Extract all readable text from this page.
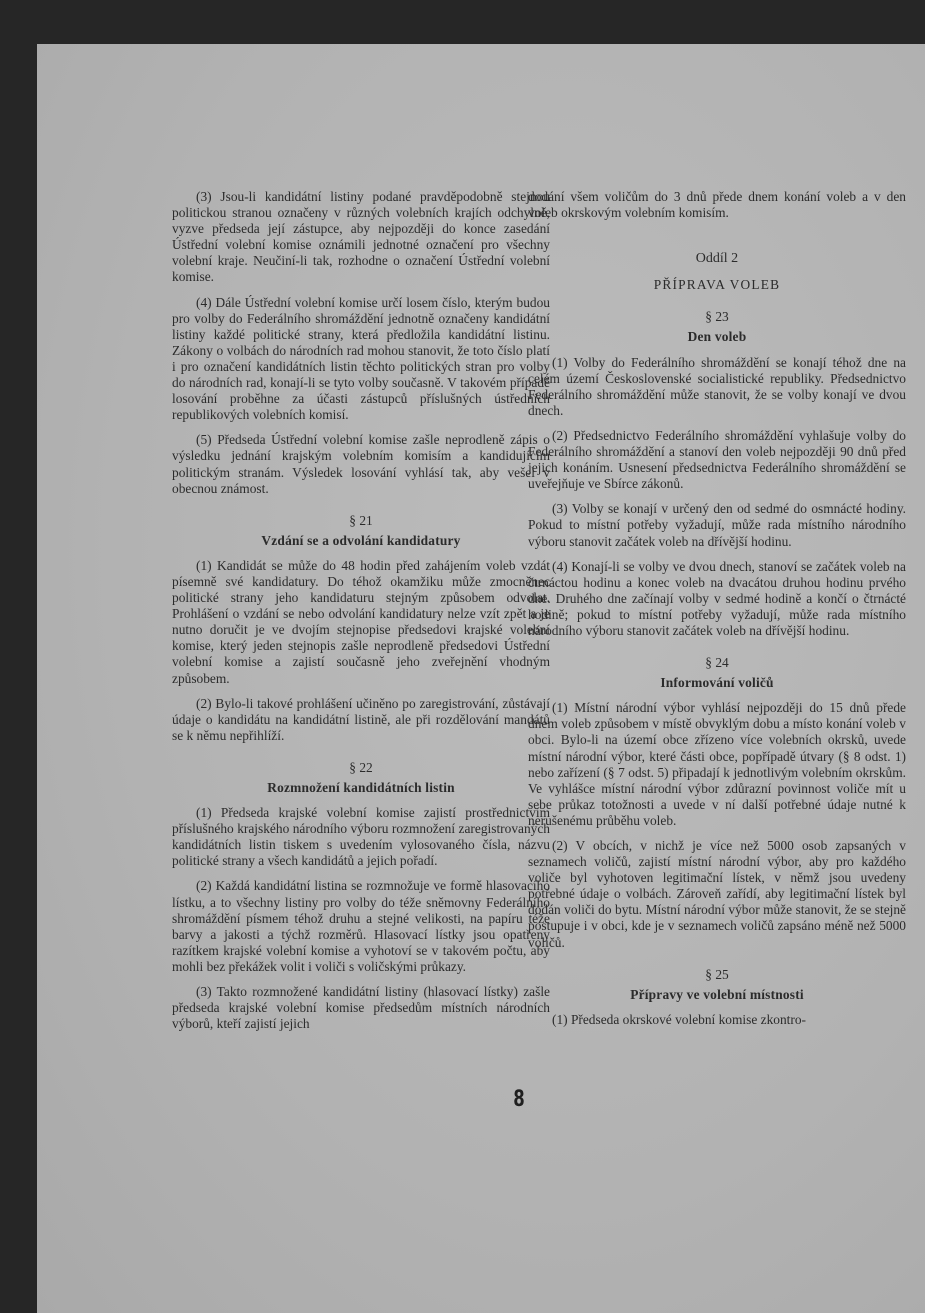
(3) Jsou-li kandidátní listiny podané pravděpodobně stejnou politickou stranou označeny v různých volebních krajích odchylně, vyzve předseda její zástupce, aby nejpozději do konce zasedání Ústřední volební komise oznámili jednotné označení pro všechny volební kraje. Neučiní-li tak, rozhodne o označení Ústřední volební komise.

(4) Dále Ústřední volební komise určí losem číslo, kterým budou pro volby do Federálního shromáždění jednotně označeny kandidátní listiny každé politické strany, která předložila kandidátní listinu. Zákony o volbách do národních rad mohou stanovit, že toto číslo platí i pro označení kandidátních listin těchto politických stran pro volby do národních rad, konají-li se tyto volby současně. V takovém případě losování proběhne za účasti zástupců příslušných ústředních republikových volebních komisí.

(5) Předseda Ústřední volební komise zašle neprodleně zápis o výsledku jednání krajským volebním komisím a kandidujícím politickým stranám. Výsledek losování vyhlásí tak, aby vešel v obecnou známost.

§ 21
Vzdání se a odvolání kandidatury

(1) Kandidát se může do 48 hodin před zahájením voleb vzdát písemně své kandidatury. Do téhož okamžiku může zmocněnec politické strany jeho kandidaturu stejným způsobem odvolat. Prohlášení o vzdání se nebo odvolání kandidatury nelze vzít zpět a je nutno doručit je ve dvojím stejnopise předsedovi krajské volební komise, který jeden stejnopis zašle neprodleně předsedovi Ústřední volební komise a zajistí současně jeho zveřejnění vhodným způsobem.

(2) Bylo-li takové prohlášení učiněno po zaregistrování, zůstávají údaje o kandidátu na kandidátní listině, ale při rozdělování mandátů se k němu nepřihlíží.

§ 22
Rozmnožení kandidátních listin

(1) Předseda krajské volební komise zajistí prostřednictvím příslušného krajského národního výboru rozmnožení zaregistrovaných kandidátních listin tiskem s uvedením vylosovaného čísla, názvu politické strany a všech kandidátů a jejich pořadí.

(2) Každá kandidátní listina se rozmnožuje ve formě hlasovacího lístku, a to všechny listiny pro volby do téže sněmovny Federálního shromáždění písmem téhož druhu a stejné velikosti, na papíru téže barvy a jakosti a týchž rozměrů. Hlasovací lístky jsou opatřeny razítkem krajské volební komise a vyhotoví se v takovém počtu, aby mohli bez překážek volit i voliči s voličskými průkazy.

(3) Takto rozmnožené kandidátní listiny (hlasovací lístky) zašle předseda krajské volební komise předsedům místních národních výborů, kteří zajistí jejich

dodání všem voličům do 3 dnů přede dnem konání voleb a v den voleb okrskovým volebním komisím.

Oddíl 2
PŘÍPRAVA VOLEB
§ 23
Den voleb

(1) Volby do Federálního shromáždění se konají téhož dne na celém území Československé socialistické republiky. Předsednictvo Federálního shromáždění může stanovit, že se volby konají ve dvou dnech.

(2) Předsednictvo Federálního shromáždění vyhlašuje volby do Federálního shromáždění a stanoví den voleb nejpozději 90 dnů před jejich konáním. Usnesení předsednictva Federálního shromáždění se uveřejňuje ve Sbírce zákonů.

(3) Volby se konají v určený den od sedmé do osmnácté hodiny. Pokud to místní potřeby vyžadují, může rada místního národního výboru stanovit začátek voleb na dřívější hodinu.

(4) Konají-li se volby ve dvou dnech, stanoví se začátek voleb na čtrnáctou hodinu a konec voleb na dvacátou druhou hodinu prvého dne. Druhého dne začínají volby v sedmé hodině a končí o čtrnácté hodině; pokud to místní potřeby vyžadují, může rada místního národního výboru stanovit začátek voleb na dřívější hodinu.

§ 24
Informování voličů

(1) Místní národní výbor vyhlásí nejpozději do 15 dnů přede dnem voleb způsobem v místě obvyklým dobu a místo konání voleb v obci. Bylo-li na území obce zřízeno více volebních okrsků, uvede místní národní výbor, které části obce, popřípadě útvary (§ 8 odst. 1) nebo zařízení (§ 7 odst. 5) připadají k jednotlivým volebním okrskům. Ve vyhlášce místní národní výbor zdůrazní povinnost voliče mít u sebe průkaz totožnosti a uvede v ní další potřebné údaje nutné k nerušenému průběhu voleb.

(2) V obcích, v nichž je více než 5000 osob zapsaných v seznamech voličů, zajistí místní národní výbor, aby pro každého voliče byl vyhotoven legitimační lístek, v němž jsou uvedeny potřebné údaje o volbách. Zároveň zařídí, aby legitimační lístek byl dodán voliči do bytu. Místní národní výbor může stanovit, že se stejně postupuje i v obci, kde je v seznamech voličů zapsáno méně než 5000 voličů.

§ 25
Přípravy ve volební místnosti

(1) Předseda okrskové volební komise zkontro-

8
